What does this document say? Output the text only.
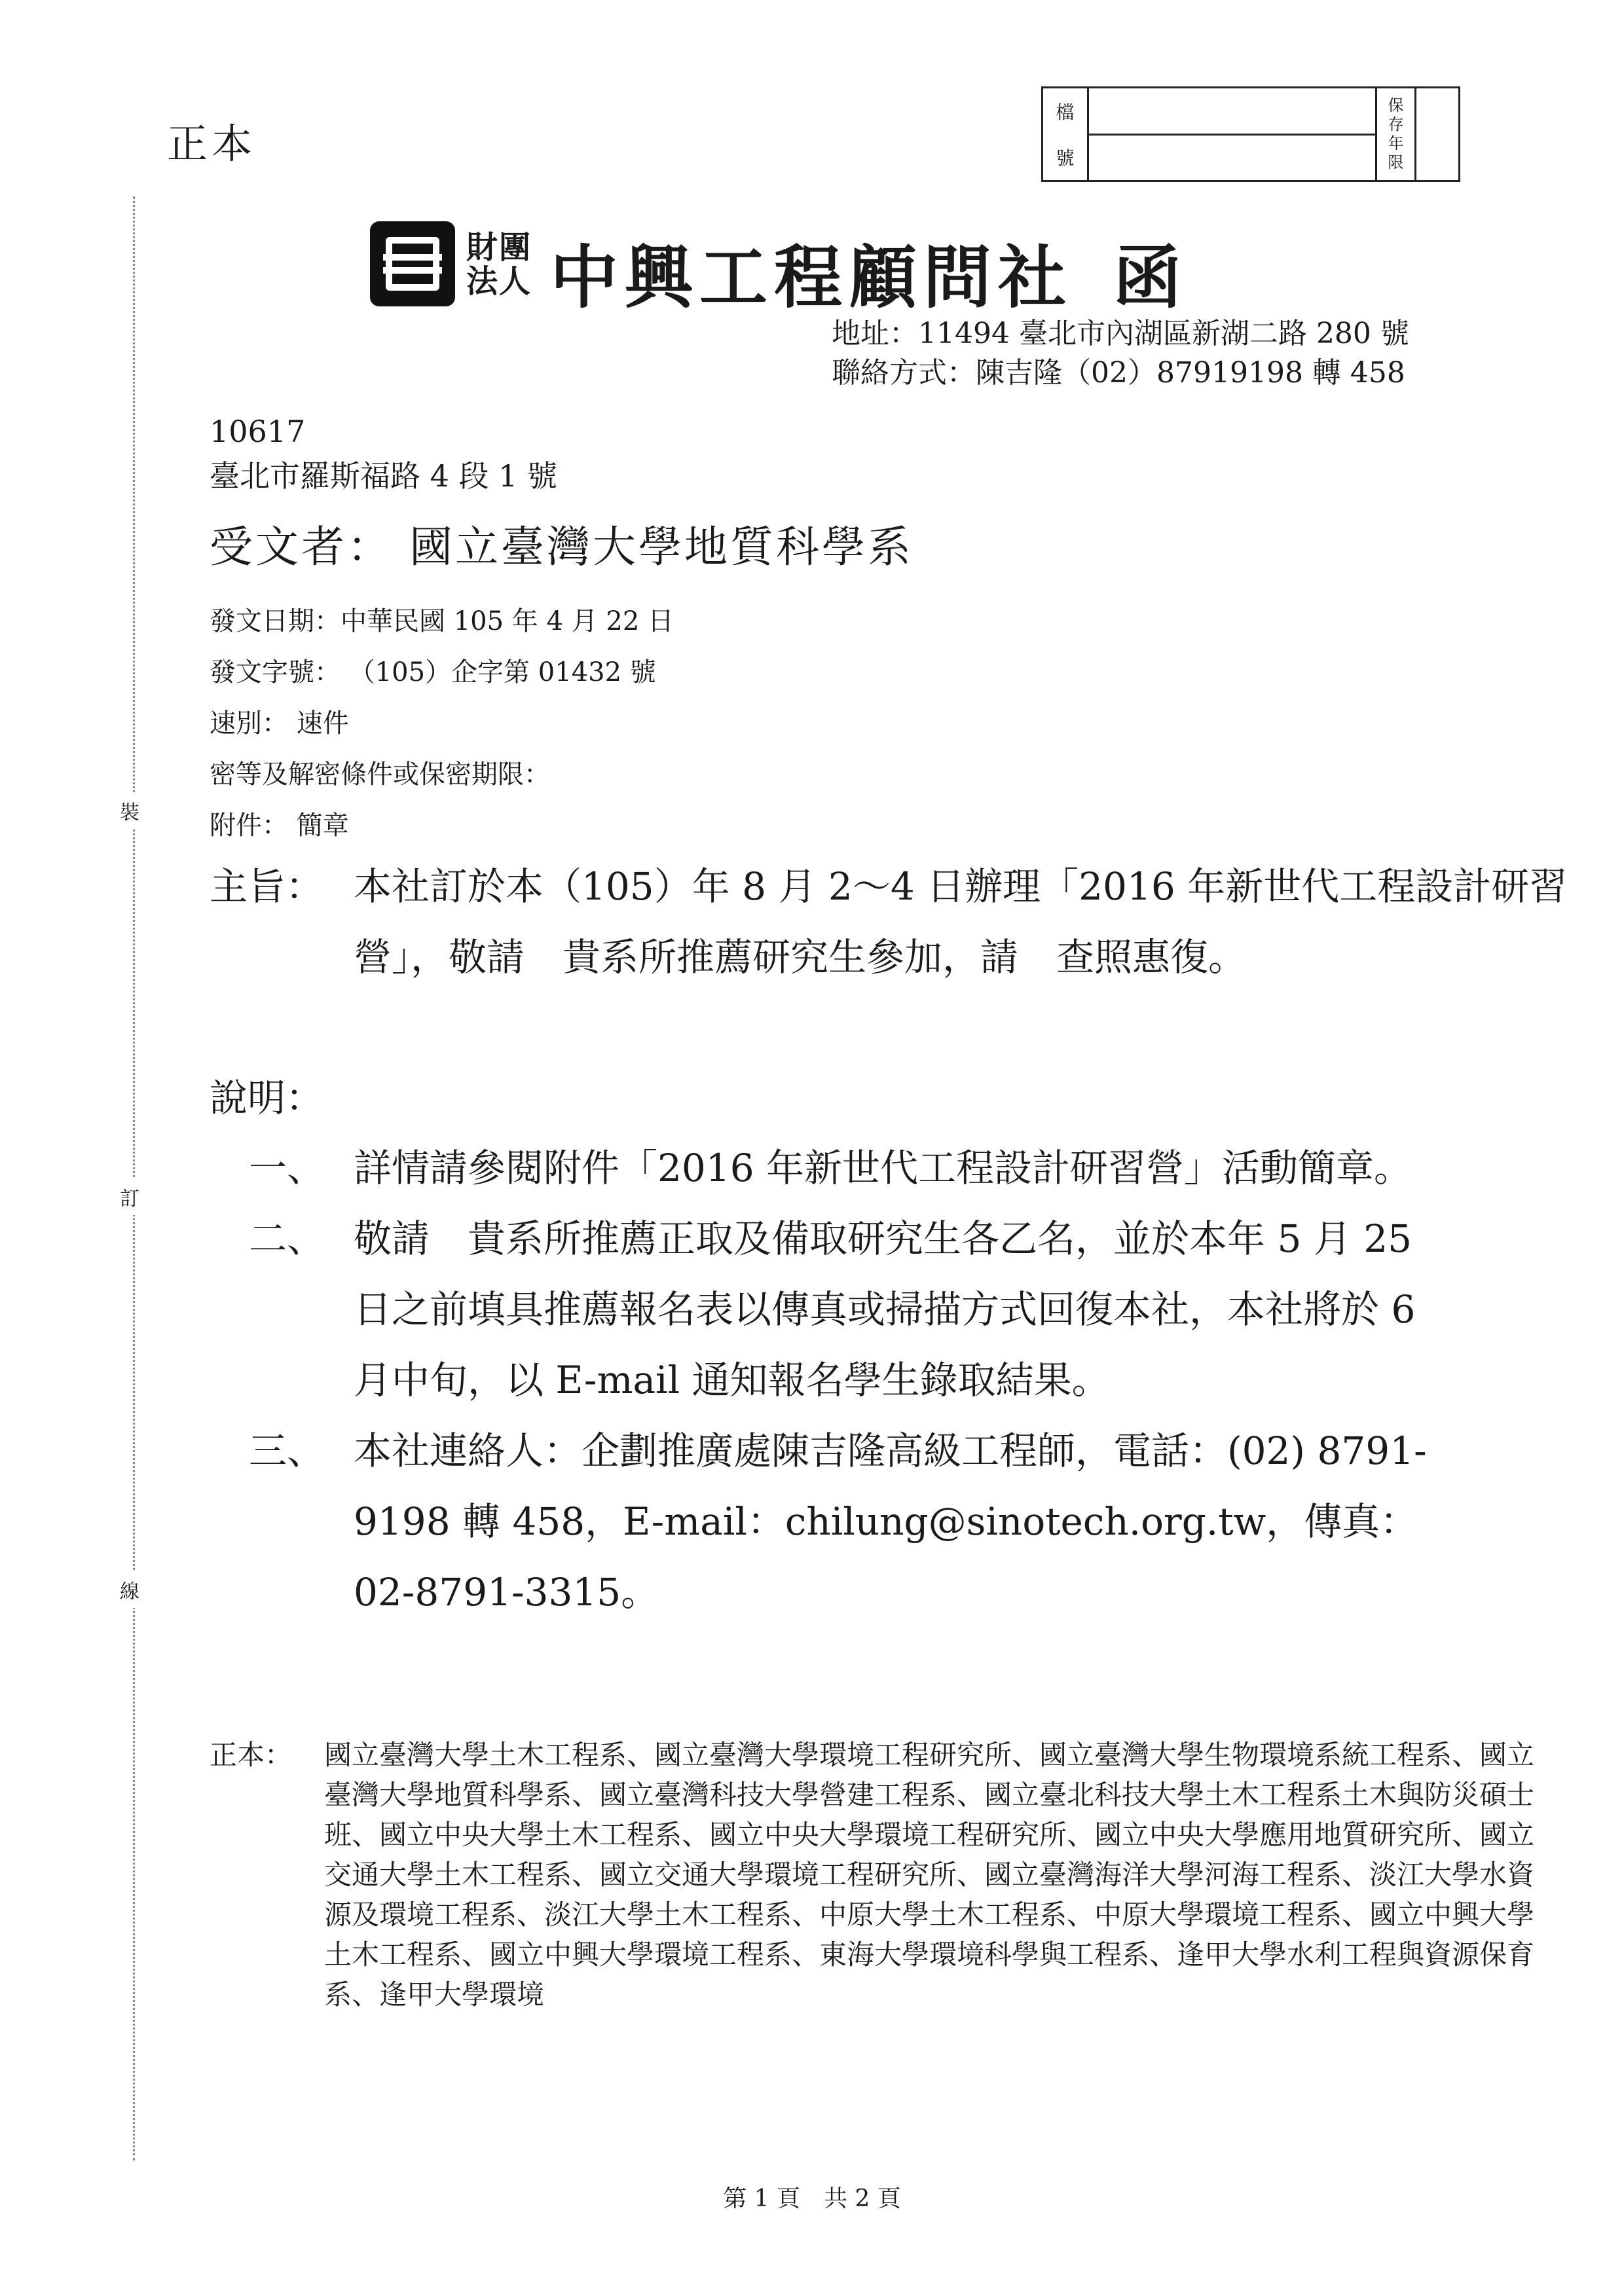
正本
檔
號
保
存
年
限
裝
訂
線
財團
法人 中興工程顧問社 函
地址：11494 臺北市內湖區新湖二路 280 號
聯絡方式：陳吉隆（02）87919198 轉 458
10617
臺北市羅斯福路 4 段 1 號
受文者： 國立臺灣大學地質科學系
發文日期：中華民國 105 年 4 月 22 日
發文字號： （105）企字第 01432 號
速別： 速件
密等及解密條件或保密期限：
附件： 簡章
主旨： 本社訂於本（105）年 8 月 2～4 日辦理「2016 年新世代工程設計研習營」，敬請　貴系所推薦研究生參加，請　查照惠復。
說明：
一、 詳情請參閱附件「2016 年新世代工程設計研習營」活動簡章。
二、 敬請　貴系所推薦正取及備取研究生各乙名，並於本年 5 月 25 日之前填具推薦報名表以傳真或掃描方式回復本社，本社將於 6 月中旬，以 E-mail 通知報名學生錄取結果。
三、 本社連絡人：企劃推廣處陳吉隆高級工程師，電話：(02) 8791-9198 轉 458，E-mail：chilung@sinotech.org.tw，傳真：02-8791-3315。
正本：	國立臺灣大學土木工程系、國立臺灣大學環境工程研究所、國立臺灣大學生物環境系統工程系、國立臺灣大學地質科學系、國立臺灣科技大學營建工程系、國立臺北科技大學土木工程系土木與防災碩士班、國立中央大學土木工程系、國立中央大學環境工程研究所、國立中央大學應用地質研究所、國立交通大學土木工程系、國立交通大學環境工程研究所、國立臺灣海洋大學河海工程系、淡江大學水資源及環境工程系、淡江大學土木工程系、中原大學土木工程系、中原大學環境工程系、國立中興大學土木工程系、國立中興大學環境工程系、東海大學環境科學與工程系、逢甲大學水利工程與資源保育系、逢甲大學環境
第 1 頁　共 2 頁
